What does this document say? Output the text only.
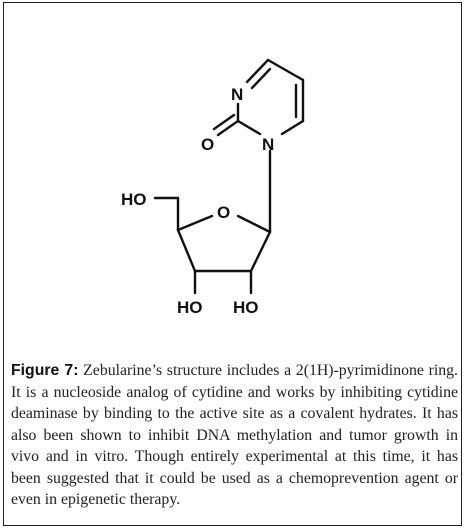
N
N
O
O
HO
HO HO

Figure 7: Zebularine’s structure includes a 2(1H)-pyrimidinone ring. It is a nucleoside analog of cytidine and works by inhibiting cytidine deaminase by binding to the active site as a covalent hydrates. It has also been shown to inhibit DNA methylation and tumor growth in vivo and in vitro. Though entirely experimental at this time, it has been suggested that it could be used as a chemoprevention agent or even in epigenetic therapy.
